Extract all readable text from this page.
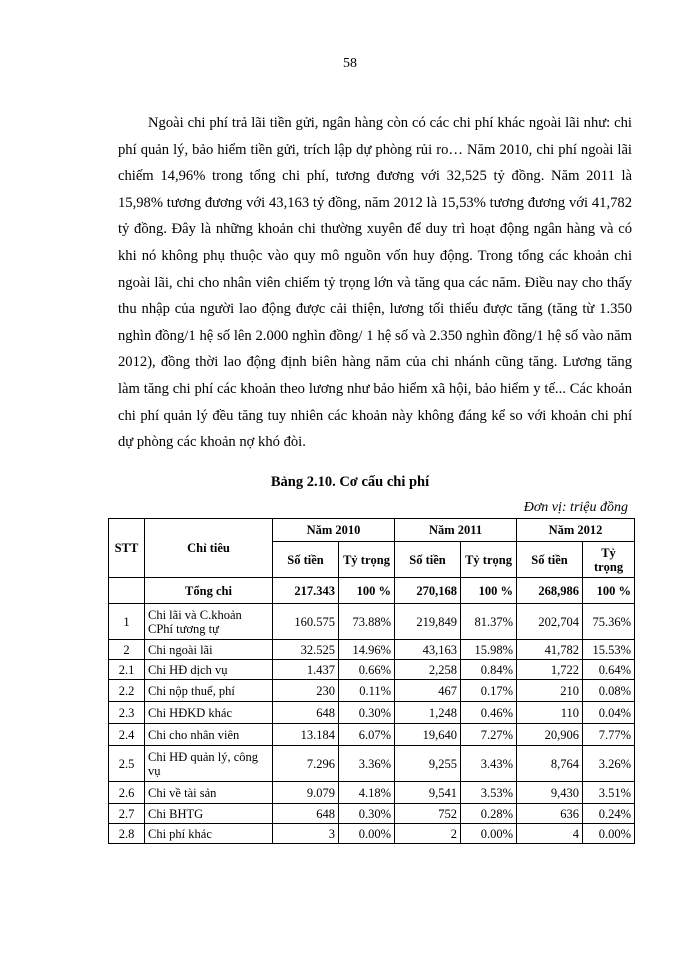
58

Ngoài chi phí trả lãi tiền gửi, ngân hàng còn có các chi phí khác ngoài lãi như: chi phí quản lý, bảo hiểm tiền gửi, trích lập dự phòng rủi ro… Năm 2010, chi phí ngoài lãi chiếm 14,96% trong tổng chi phí, tương đương với 32,525 tỷ đồng. Năm 2011 là 15,98% tương đương với 43,163 tỷ đồng, năm 2012 là 15,53% tương đương với 41,782 tỷ đồng. Đây là những khoản chi thường xuyên để duy trì hoạt động ngân hàng và có khi nó không phụ thuộc vào quy mô nguồn vốn huy động. Trong tổng các khoản chi ngoài lãi, chi cho nhân viên chiếm tỷ trọng lớn và tăng qua các năm. Điều nay cho thấy thu nhập của người lao động được cải thiện, lương tối thiểu được tăng (tăng từ 1.350 nghìn đồng/1 hệ số lên 2.000 nghìn đồng/ 1 hệ số và 2.350 nghìn đồng/1 hệ số vào năm 2012), đồng thời lao động định biên hàng năm của chi nhánh cũng tăng. Lương tăng làm tăng chi phí các khoản theo lương như bảo hiểm xã hội, bảo hiểm y tế... Các khoản chi phí quản lý đều tăng tuy nhiên các khoản này không đáng kể so với khoản chi phí dự phòng các khoản nợ khó đòi.

Bảng 2.10. Cơ cấu chi phí
Đơn vị: triệu đồng
STT	Chỉ tiêu	Năm 2010		Năm 2011		Năm 2012	
		Số tiền	Tỷ trọng	Số tiền	Tỷ trọng	Số tiền	Tỷ trọng
	Tổng chi	217.343	100 %	270,168	100 %	268,986	100 %
1	Chi lãi và C.khoản CPhí tương tự	160.575	73.88%	219,849	81.37%	202,704	75.36%
2	Chi ngoài lãi	32.525	14.96%	43,163	15.98%	41,782	15.53%
2.1	Chi HĐ dịch vụ	1.437	0.66%	2,258	0.84%	1,722	0.64%
2.2	Chi nộp thuế, phí	230	0.11%	467	0.17%	210	0.08%
2.3	Chi HĐKD khác	648	0.30%	1,248	0.46%	110	0.04%
2.4	Chi cho nhân viên	13.184	6.07%	19,640	7.27%	20,906	7.77%
2.5	Chi HĐ quản lý, công vụ	7.296	3.36%	9,255	3.43%	8,764	3.26%
2.6	Chi về tài sản	9.079	4.18%	9,541	3.53%	9,430	3.51%
2.7	Chi BHTG	648	0.30%	752	0.28%	636	0.24%
2.8	Chi phí khác	3	0.00%	2	0.00%	4	0.00%
